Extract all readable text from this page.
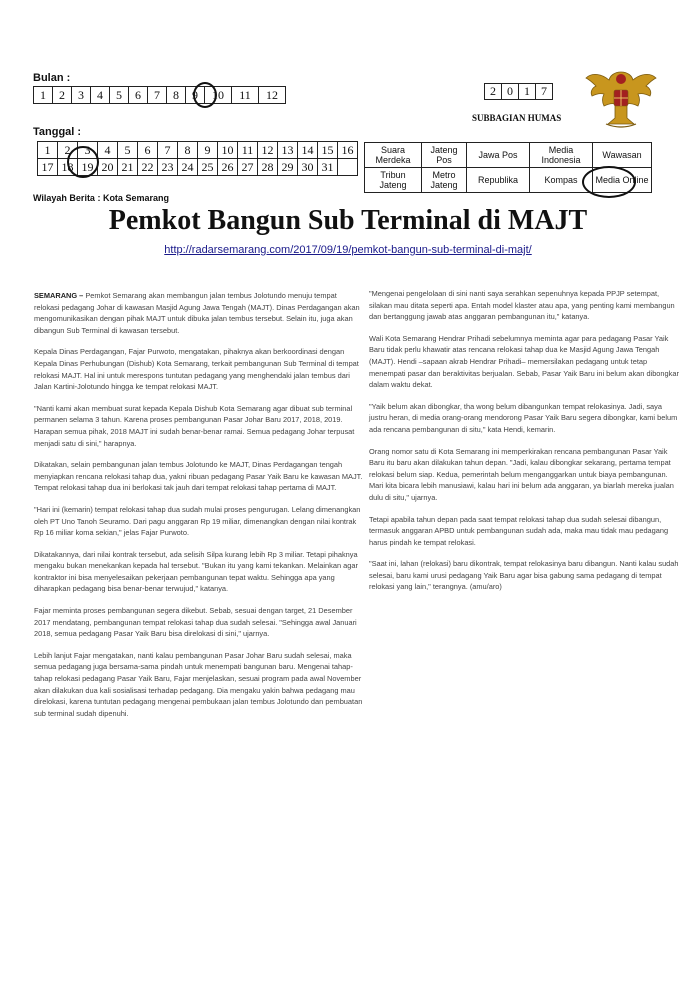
Bulan :
1	2	3	4	5	6	7	8	9	10	11	12
Tanggal :
1	2	3	4	5	6	7	8	9	10	11	12	13	14	15	16
17	18	19	20	21	22	23	24	25	26	27	28	29	30	31	
2	0	1	7
SUBBAGIAN HUMAS
Suara Merdeka	Jateng Pos	Jawa Pos	Media Indonesia	Wawasan
Tribun Jateng	Metro Jateng	Republika	Kompas	Media Online
Wilayah Berita : Kota Semarang
Pemkot Bangun Sub Terminal di MAJT
http://radarsemarang.com/2017/09/19/pemkot-bangun-sub-terminal-di-majt/

SEMARANG – Pemkot Semarang akan membangun jalan tembus Jolotundo menuju tempat relokasi pedagang Johar di kawasan Masjid Agung Jawa Tengah (MAJT). Dinas Perdagangan akan mengomunikasikan dengan pihak MAJT untuk dibuka jalan tembus tersebut. Selain itu, juga akan dibangun Sub Terminal di kawasan tersebut.

Kepala Dinas Perdagangan, Fajar Purwoto, mengatakan, pihaknya akan berkoordinasi dengan Kepala Dinas Perhubungan (Dishub) Kota Semarang, terkait pembangunan Sub Terminal di tempat relokasi MAJT. Hal ini untuk merespons tuntutan pedagang yang menghendaki jalan tembus dari Jalan Kartini-Jolotundo hingga ke tempat relokasi MAJT.

"Nanti kami akan membuat surat kepada Kepala Dishub Kota Semarang agar dibuat sub terminal permanen selama 3 tahun. Karena proses pembangunan Pasar Johar Baru 2017, 2018, 2019. Harapan semua pihak, 2018 MAJT ini sudah benar-benar ramai. Semua pedagang Johar terpusat menjadi satu di sini," harapnya.

Dikatakan, selain pembangunan jalan tembus Jolotundo ke MAJT, Dinas Perdagangan tengah menyiapkan rencana relokasi tahap dua, yakni ribuan pedagang Pasar Yaik Baru ke kawasan MAJT. Tempat relokasi tahap dua ini berlokasi tak jauh dari tempat relokasi tahap pertama di MAJT.

"Hari ini (kemarin) tempat relokasi tahap dua sudah mulai proses pengurugan. Lelang dimenangkan oleh PT Uno Tanoh Seuramo. Dari pagu anggaran Rp 19 miliar, dimenangkan dengan nilai kontrak Rp 16 miliar koma sekian," jelas Fajar Purwoto.

Dikatakannya, dari nilai kontrak tersebut, ada selisih Silpa kurang lebih Rp 3 miliar. Tetapi pihaknya mengaku bukan menekankan kepada hal tersebut. "Bukan itu yang kami tekankan. Melainkan agar kontraktor ini bisa menyelesaikan pekerjaan pembangunan tepat waktu. Sehingga apa yang diharapkan pedagang bisa benar-benar terwujud," katanya.

Fajar meminta proses pembangunan segera dikebut. Sebab, sesuai dengan target, 21 Desember 2017 mendatang, pembangunan tempat relokasi tahap dua sudah selesai. "Sehingga awal Januari 2018, semua pedagang Pasar Yaik Baru bisa direlokasi di sini," ujarnya.

Lebih lanjut Fajar mengatakan, nanti kalau pembangunan Pasar Johar Baru sudah selesai, maka semua pedagang juga bersama-sama pindah untuk menempati bangunan baru. Mengenai tahap-tahap relokasi pedagang Pasar Yaik Baru, Fajar menjelaskan, sesuai program pada awal November akan dilakukan dua kali sosialisasi terhadap pedagang. Dia mengaku yakin bahwa pedagang mau direlokasi, karena tuntutan pedagang mengenai pembukaan jalan tembus Jolotundo dan pembuatan sub terminal sudah dipenuhi.

"Mengenai pengelolaan di sini nanti saya serahkan sepenuhnya kepada PPJP setempat, silakan mau ditata seperti apa. Entah model klaster atau apa, yang penting kami membangun dan bertanggung jawab atas anggaran pembangunan itu," katanya.

Wali Kota Semarang Hendrar Prihadi sebelumnya meminta agar para pedagang Pasar Yaik Baru tidak perlu khawatir atas rencana relokasi tahap dua ke Masjid Agung Jawa Tengah (MAJT). Hendi –sapaan akrab Hendrar Prihadi– memersilakan pedagang untuk tetap menempati pasar dan beraktivitas berjualan. Sebab, Pasar Yaik Baru ini belum akan dibongkar dalam waktu dekat.

"Yaik belum akan dibongkar, tha wong belum dibangunkan tempat relokasinya. Jadi, saya justru heran, di media orang-orang mendorong Pasar Yaik Baru segera dibongkar, kami belum ada rencana pembangunan di situ," kata Hendi, kemarin.

Orang nomor satu di Kota Semarang ini memperkirakan rencana pembangunan Pasar Yaik Baru itu baru akan dilakukan tahun depan. "Jadi, kalau dibongkar sekarang, pertama tempat relokasi belum siap. Kedua, pemerintah belum menganggarkan untuk biaya pembangunan. Mari kita bicara lebih manusiawi, kalau hari ini belum ada anggaran, ya biarlah mereka jualan dulu di situ," ujarnya.

Tetapi apabila tahun depan pada saat tempat relokasi tahap dua sudah selesai dibangun, termasuk anggaran APBD untuk pembangunan sudah ada, maka mau tidak mau pedagang harus pindah ke tempat relokasi.

"Saat ini, lahan (relokasi) baru dikontrak, tempat relokasinya baru dibangun. Nanti kalau sudah selesai, baru kami urusi pedagang Yaik Baru agar bisa gabung sama pedagang di tempat relokasi yang lain," terangnya. (amu/aro)
